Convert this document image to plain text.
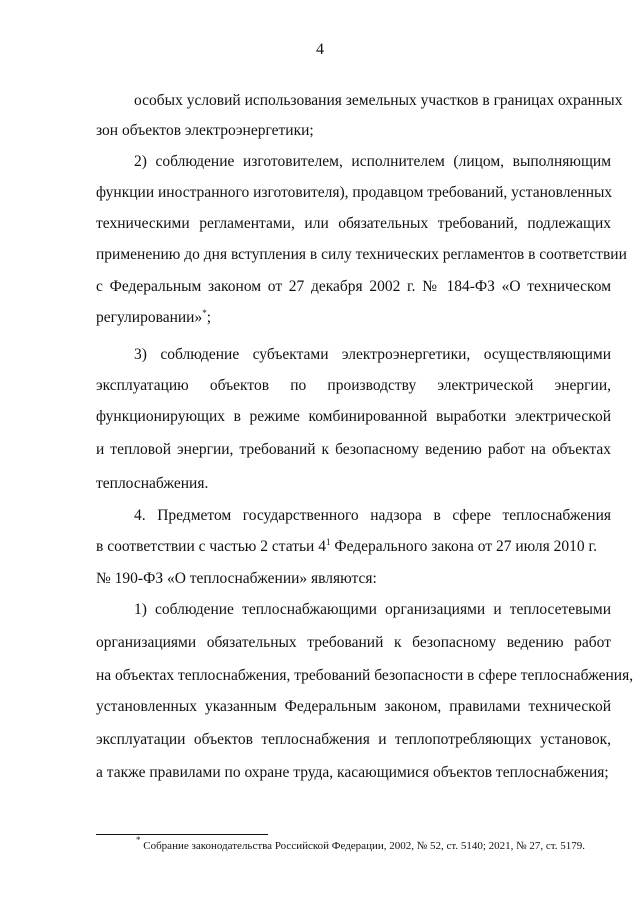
4
особых условий использования земельных участков в границах охранных
зон объектов электроэнергетики;
2) соблюдение изготовителем, исполнителем (лицом, выполняющим
функции иностранного изготовителя), продавцом требований, установленных
техническими регламентами, или обязательных требований, подлежащих
применению до дня вступления в силу технических регламентов в соответствии
с Федеральным законом от 27 декабря 2002 г. № 184-ФЗ «О техническом
регулировании»*;
3) соблюдение субъектами электроэнергетики, осуществляющими
эксплуатацию объектов по производству электрической энергии,
функционирующих в режиме комбинированной выработки электрической
и тепловой энергии, требований к безопасному ведению работ на объектах
теплоснабжения.
4. Предметом государственного надзора в сфере теплоснабжения
в соответствии с частью 2 статьи $4^1$ Федерального закона от 27 июля 2010 г.
№ 190-ФЗ «О теплоснабжении» являются:
1) соблюдение теплоснабжающими организациями и теплосетевыми
организациями обязательных требований к безопасному ведению работ
на объектах теплоснабжения, требований безопасности в сфере теплоснабжения,
установленных указанным Федеральным законом, правилами технической
эксплуатации объектов теплоснабжения и теплопотребляющих установок,
а также правилами по охране труда, касающимися объектов теплоснабжения;
* Собрание законодательства Российской Федерации, 2002, № 52, ст. 5140; 2021, № 27, ст. 5179.
